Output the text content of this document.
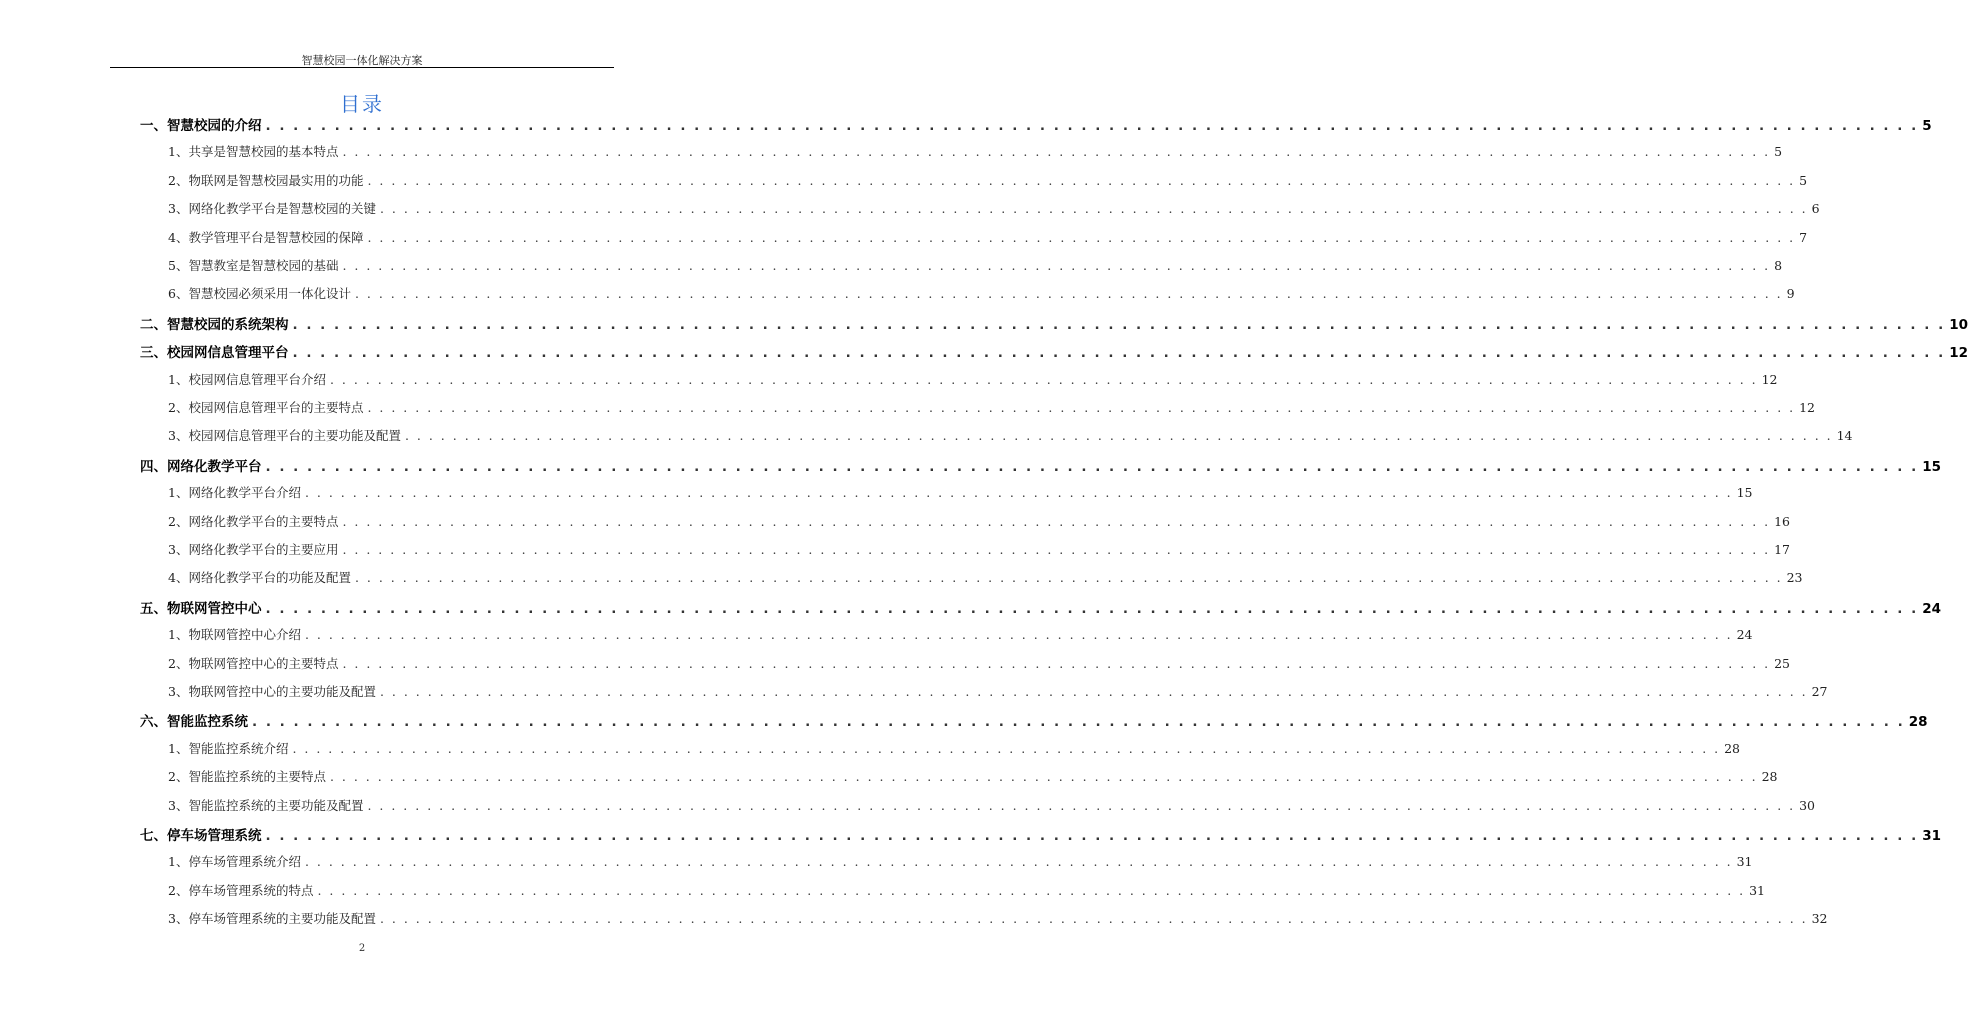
智慧校园一体化解决方案
目录
一、智慧校园的介绍 . . . . . . . . . . . . . . . . . . . . . . . . . . . . . . . . . . . . . . . . . . . . . . . . . . . . . . . . . . . . . . . . . . . . . . . . . . . . . . . . . . . . . . . . . . . . . . . . . . . . . . . . . . . . . . . . . . . . . . . . 5
1、共享是智慧校园的基本特点 . . . . . . . . . . . . . . . . . . . . . . . . . . . . . . . . . . . . . . . . . . . . . . . . . . . . . . . . . . . . . . . . . . . . . . . . . . . . . . . . . . . . . . . . . . . . . . . . . . . . . . . . . . . . . . . . . . . . . . . . 5
2、物联网是智慧校园最实用的功能 . . . . . . . . . . . . . . . . . . . . . . . . . . . . . . . . . . . . . . . . . . . . . . . . . . . . . . . . . . . . . . . . . . . . . . . . . . . . . . . . . . . . . . . . . . . . . . . . . . . . . . . . . . . . . . . . . . . . . . . . 5
3、网络化教学平台是智慧校园的关键 . . . . . . . . . . . . . . . . . . . . . . . . . . . . . . . . . . . . . . . . . . . . . . . . . . . . . . . . . . . . . . . . . . . . . . . . . . . . . . . . . . . . . . . . . . . . . . . . . . . . . . . . . . . . . . . . . . . . . . . . 6
4、教学管理平台是智慧校园的保障 . . . . . . . . . . . . . . . . . . . . . . . . . . . . . . . . . . . . . . . . . . . . . . . . . . . . . . . . . . . . . . . . . . . . . . . . . . . . . . . . . . . . . . . . . . . . . . . . . . . . . . . . . . . . . . . . . . . . . . . . 7
5、智慧教室是智慧校园的基础 . . . . . . . . . . . . . . . . . . . . . . . . . . . . . . . . . . . . . . . . . . . . . . . . . . . . . . . . . . . . . . . . . . . . . . . . . . . . . . . . . . . . . . . . . . . . . . . . . . . . . . . . . . . . . . . . . . . . . . . . 8
6、智慧校园必须采用一体化设计 . . . . . . . . . . . . . . . . . . . . . . . . . . . . . . . . . . . . . . . . . . . . . . . . . . . . . . . . . . . . . . . . . . . . . . . . . . . . . . . . . . . . . . . . . . . . . . . . . . . . . . . . . . . . . . . . . . . . . . . . 9
二、智慧校园的系统架构 . . . . . . . . . . . . . . . . . . . . . . . . . . . . . . . . . . . . . . . . . . . . . . . . . . . . . . . . . . . . . . . . . . . . . . . . . . . . . . . . . . . . . . . . . . . . . . . . . . . . . . . . . . . . . . . . . . . . . . . . 10
三、校园网信息管理平台 . . . . . . . . . . . . . . . . . . . . . . . . . . . . . . . . . . . . . . . . . . . . . . . . . . . . . . . . . . . . . . . . . . . . . . . . . . . . . . . . . . . . . . . . . . . . . . . . . . . . . . . . . . . . . . . . . . . . . . . . 12
1、校园网信息管理平台介绍 . . . . . . . . . . . . . . . . . . . . . . . . . . . . . . . . . . . . . . . . . . . . . . . . . . . . . . . . . . . . . . . . . . . . . . . . . . . . . . . . . . . . . . . . . . . . . . . . . . . . . . . . . . . . . . . . . . . . . . . . 12
2、校园网信息管理平台的主要特点 . . . . . . . . . . . . . . . . . . . . . . . . . . . . . . . . . . . . . . . . . . . . . . . . . . . . . . . . . . . . . . . . . . . . . . . . . . . . . . . . . . . . . . . . . . . . . . . . . . . . . . . . . . . . . . . . . . . . . . . . 12
3、校园网信息管理平台的主要功能及配置 . . . . . . . . . . . . . . . . . . . . . . . . . . . . . . . . . . . . . . . . . . . . . . . . . . . . . . . . . . . . . . . . . . . . . . . . . . . . . . . . . . . . . . . . . . . . . . . . . . . . . . . . . . . . . . . . . . . . . . . . 14
四、网络化教学平台 . . . . . . . . . . . . . . . . . . . . . . . . . . . . . . . . . . . . . . . . . . . . . . . . . . . . . . . . . . . . . . . . . . . . . . . . . . . . . . . . . . . . . . . . . . . . . . . . . . . . . . . . . . . . . . . . . . . . . . . . 15
1、网络化教学平台介绍 . . . . . . . . . . . . . . . . . . . . . . . . . . . . . . . . . . . . . . . . . . . . . . . . . . . . . . . . . . . . . . . . . . . . . . . . . . . . . . . . . . . . . . . . . . . . . . . . . . . . . . . . . . . . . . . . . . . . . . . . 15
2、网络化教学平台的主要特点 . . . . . . . . . . . . . . . . . . . . . . . . . . . . . . . . . . . . . . . . . . . . . . . . . . . . . . . . . . . . . . . . . . . . . . . . . . . . . . . . . . . . . . . . . . . . . . . . . . . . . . . . . . . . . . . . . . . . . . . . 16
3、网络化教学平台的主要应用 . . . . . . . . . . . . . . . . . . . . . . . . . . . . . . . . . . . . . . . . . . . . . . . . . . . . . . . . . . . . . . . . . . . . . . . . . . . . . . . . . . . . . . . . . . . . . . . . . . . . . . . . . . . . . . . . . . . . . . . . 17
4、网络化教学平台的功能及配置 . . . . . . . . . . . . . . . . . . . . . . . . . . . . . . . . . . . . . . . . . . . . . . . . . . . . . . . . . . . . . . . . . . . . . . . . . . . . . . . . . . . . . . . . . . . . . . . . . . . . . . . . . . . . . . . . . . . . . . . . 23
五、物联网管控中心 . . . . . . . . . . . . . . . . . . . . . . . . . . . . . . . . . . . . . . . . . . . . . . . . . . . . . . . . . . . . . . . . . . . . . . . . . . . . . . . . . . . . . . . . . . . . . . . . . . . . . . . . . . . . . . . . . . . . . . . . 24
1、物联网管控中心介绍 . . . . . . . . . . . . . . . . . . . . . . . . . . . . . . . . . . . . . . . . . . . . . . . . . . . . . . . . . . . . . . . . . . . . . . . . . . . . . . . . . . . . . . . . . . . . . . . . . . . . . . . . . . . . . . . . . . . . . . . . 24
2、物联网管控中心的主要特点 . . . . . . . . . . . . . . . . . . . . . . . . . . . . . . . . . . . . . . . . . . . . . . . . . . . . . . . . . . . . . . . . . . . . . . . . . . . . . . . . . . . . . . . . . . . . . . . . . . . . . . . . . . . . . . . . . . . . . . . . 25
3、物联网管控中心的主要功能及配置 . . . . . . . . . . . . . . . . . . . . . . . . . . . . . . . . . . . . . . . . . . . . . . . . . . . . . . . . . . . . . . . . . . . . . . . . . . . . . . . . . . . . . . . . . . . . . . . . . . . . . . . . . . . . . . . . . . . . . . . . 27
六、智能监控系统 . . . . . . . . . . . . . . . . . . . . . . . . . . . . . . . . . . . . . . . . . . . . . . . . . . . . . . . . . . . . . . . . . . . . . . . . . . . . . . . . . . . . . . . . . . . . . . . . . . . . . . . . . . . . . . . . . . . . . . . . 28
1、智能监控系统介绍 . . . . . . . . . . . . . . . . . . . . . . . . . . . . . . . . . . . . . . . . . . . . . . . . . . . . . . . . . . . . . . . . . . . . . . . . . . . . . . . . . . . . . . . . . . . . . . . . . . . . . . . . . . . . . . . . . . . . . . . . 28
2、智能监控系统的主要特点 . . . . . . . . . . . . . . . . . . . . . . . . . . . . . . . . . . . . . . . . . . . . . . . . . . . . . . . . . . . . . . . . . . . . . . . . . . . . . . . . . . . . . . . . . . . . . . . . . . . . . . . . . . . . . . . . . . . . . . . . 28
3、智能监控系统的主要功能及配置 . . . . . . . . . . . . . . . . . . . . . . . . . . . . . . . . . . . . . . . . . . . . . . . . . . . . . . . . . . . . . . . . . . . . . . . . . . . . . . . . . . . . . . . . . . . . . . . . . . . . . . . . . . . . . . . . . . . . . . . . 30
七、停车场管理系统 . . . . . . . . . . . . . . . . . . . . . . . . . . . . . . . . . . . . . . . . . . . . . . . . . . . . . . . . . . . . . . . . . . . . . . . . . . . . . . . . . . . . . . . . . . . . . . . . . . . . . . . . . . . . . . . . . . . . . . . . 31
1、停车场管理系统介绍 . . . . . . . . . . . . . . . . . . . . . . . . . . . . . . . . . . . . . . . . . . . . . . . . . . . . . . . . . . . . . . . . . . . . . . . . . . . . . . . . . . . . . . . . . . . . . . . . . . . . . . . . . . . . . . . . . . . . . . . . 31
2、停车场管理系统的特点 . . . . . . . . . . . . . . . . . . . . . . . . . . . . . . . . . . . . . . . . . . . . . . . . . . . . . . . . . . . . . . . . . . . . . . . . . . . . . . . . . . . . . . . . . . . . . . . . . . . . . . . . . . . . . . . . . . . . . . . . 31
3、停车场管理系统的主要功能及配置 . . . . . . . . . . . . . . . . . . . . . . . . . . . . . . . . . . . . . . . . . . . . . . . . . . . . . . . . . . . . . . . . . . . . . . . . . . . . . . . . . . . . . . . . . . . . . . . . . . . . . . . . . . . . . . . . . . . . . . . . 32
2
